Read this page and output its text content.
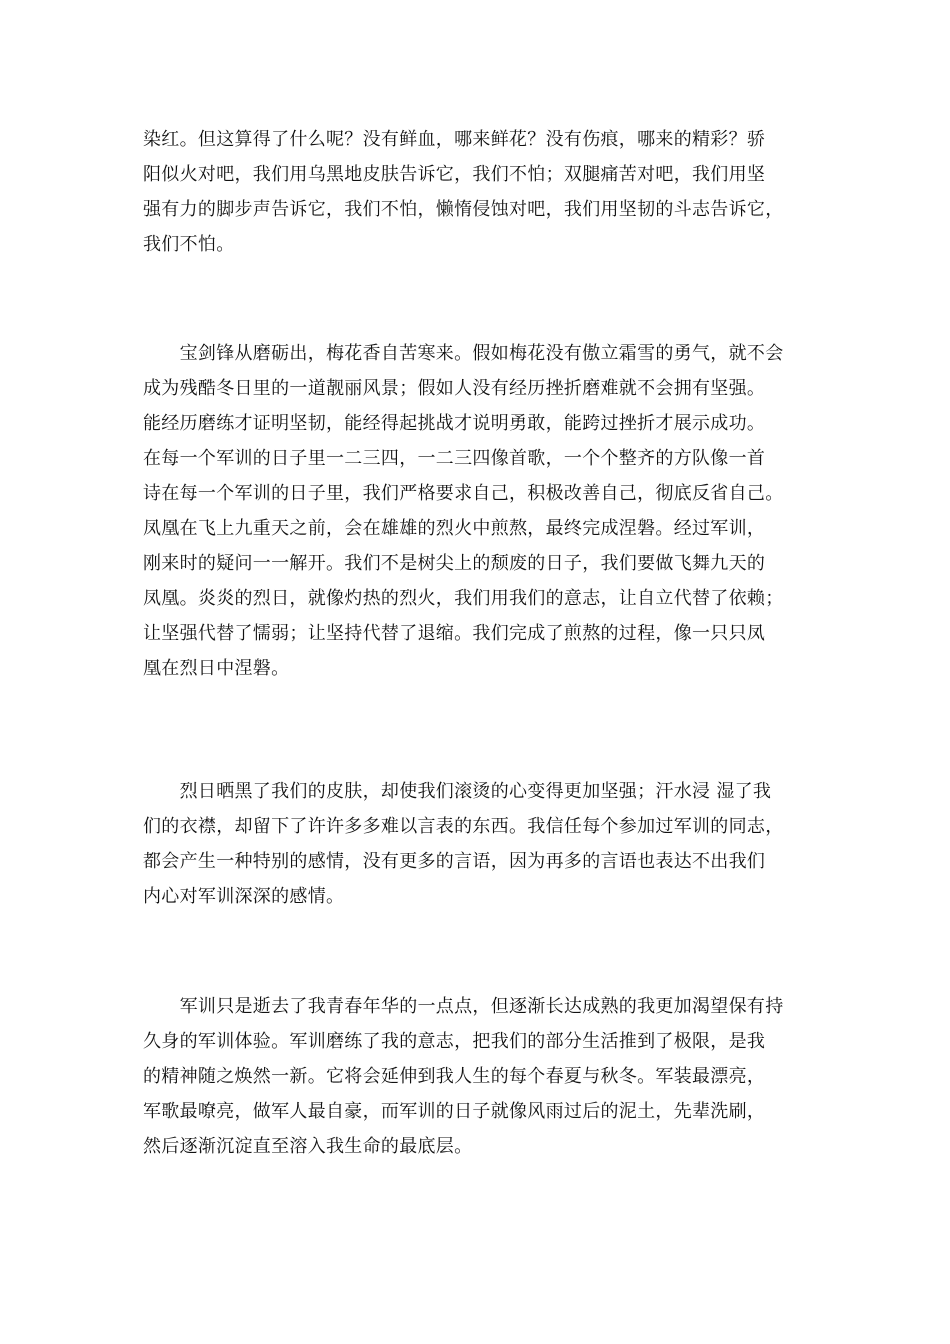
染红。但这算得了什么呢？没有鲜血，哪来鲜花？没有伤痕，哪来的精彩？骄
阳似火对吧，我们用乌黑地皮肤告诉它，我们不怕；双腿痛苦对吧，我们用坚
强有力的脚步声告诉它，我们不怕，懒惰侵蚀对吧，我们用坚韧的斗志告诉它，
我们不怕。

　　宝剑锋从磨砺出，梅花香自苦寒来。假如梅花没有傲立霜雪的勇气，就不会
成为残酷冬日里的一道靓丽风景；假如人没有经历挫折磨难就不会拥有坚强。
能经历磨练才证明坚韧，能经得起挑战才说明勇敢，能跨过挫折才展示成功。
在每一个军训的日子里一二三四，一二三四像首歌，一个个整齐的方队像一首
诗在每一个军训的日子里，我们严格要求自己，积极改善自己，彻底反省自己。
凤凰在飞上九重天之前，会在雄雄的烈火中煎熬，最终完成涅磐。经过军训，
刚来时的疑问一一解开。我们不是树尖上的颓废的日子，我们要做飞舞九天的
凤凰。炎炎的烈日，就像灼热的烈火，我们用我们的意志，让自立代替了依赖；
让坚强代替了懦弱；让坚持代替了退缩。我们完成了煎熬的过程，像一只只凤
凰在烈日中涅磐。

　　烈日晒黑了我们的皮肤，却使我们滚烫的心变得更加坚强；汗水浸 湿了我
们的衣襟，却留下了许许多多难以言表的东西。我信任每个参加过军训的同志，
都会产生一种特别的感情，没有更多的言语，因为再多的言语也表达不出我们
内心对军训深深的感情。

　　军训只是逝去了我青春年华的一点点，但逐渐长达成熟的我更加渴望保有持
久身的军训体验。军训磨练了我的意志，把我们的部分生活推到了极限，是我
的精神随之焕然一新。它将会延伸到我人生的每个春夏与秋冬。军装最漂亮，
军歌最嘹亮，做军人最自豪，而军训的日子就像风雨过后的泥土，先辈洗刷，
然后逐渐沉淀直至溶入我生命的最底层。
